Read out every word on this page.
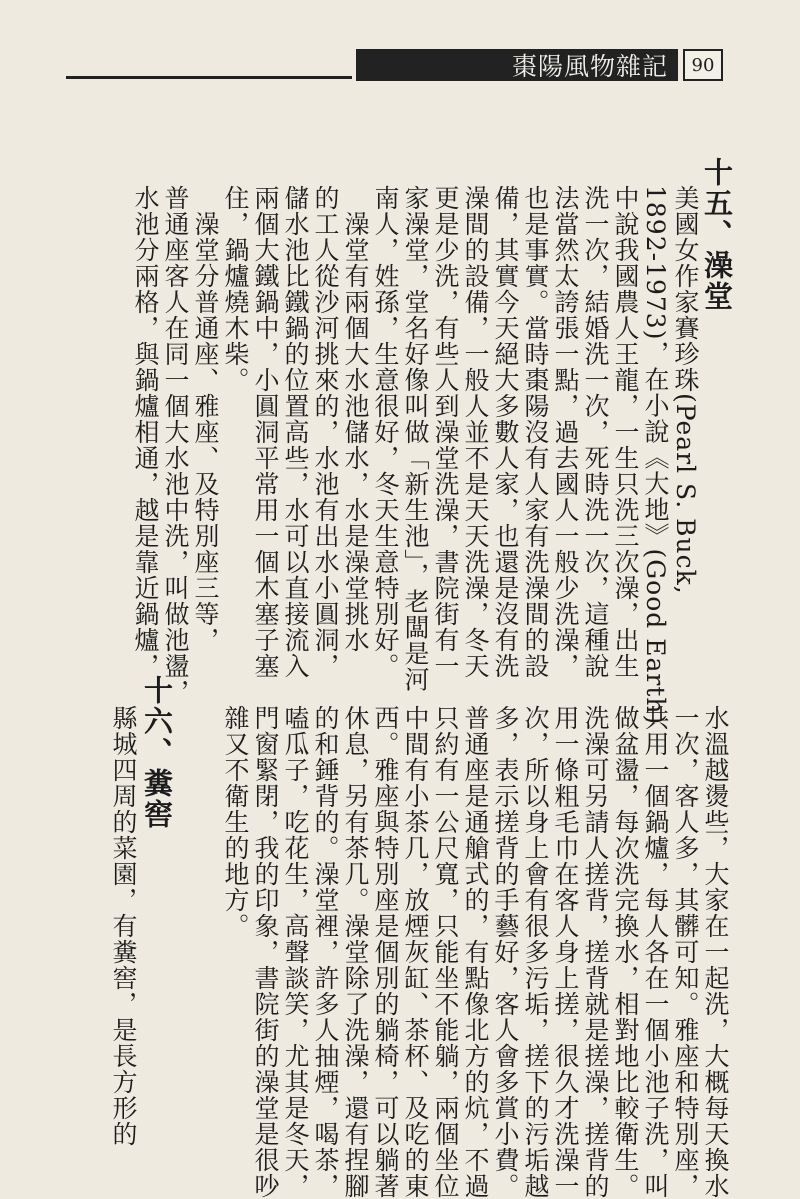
棗陽風物雜記	90
十五、澡堂
美國女作家賽珍珠(Pearl S. Buck,
1892-1973)，在小說《大地》(Good Earth)
中說我國農人王龍，一生只洗三次澡，出生
洗一次，結婚洗一次，死時洗一次，這種說
法當然太誇張一點，過去國人一般少洗澡，
也是事實。當時棗陽沒有人家有洗澡間的設
備，其實今天絕大多數人家，也還是沒有洗
澡間的設備，一般人並不是天天洗澡，冬天
更是少洗，有些人到澡堂洗澡，書院街有一
家澡堂，堂名好像叫做「新生池」，老闆是河
南人，姓孫，生意很好，冬天生意特別好。
　澡堂有兩個大水池儲水，水是澡堂挑水
的工人從沙河挑來的，水池有出水小圓洞，
儲水池比鐵鍋的位置高些，水可以直接流入
兩個大鐵鍋中，小圓洞平常用一個木塞子塞
住，鍋爐燒木柴。
　澡堂分普通座、雅座、及特別座三等，
普通座客人在同一個大水池中洗，叫做池盪，
水池分兩格，與鍋爐相通，越是靠近鍋爐，
水溫越燙些，大家在一起洗，大概每天換水
一次，客人多，其髒可知。雅座和特別座，
共用一個鍋爐，每人各在一個小池子洗，叫
做盆盪，每次洗完換水，相對地比較衛生。
洗澡可另請人搓背，搓背就是搓澡，搓背的
用一條粗毛巾在客人身上搓，很久才洗澡一
次，所以身上會有很多污垢，搓下的污垢越
多，表示搓背的手藝好，客人會多賞小費。
普通座是通艙式的，有點像北方的炕，不過
只約有一公尺寬，只能坐不能躺，兩個坐位
中間有小茶几，放煙灰缸、茶杯、及吃的東
西。雅座與特別座是個別的躺椅，可以躺著
休息，另有茶几。澡堂除了洗澡，還有捏腳
的和錘背的。澡堂裡，許多人抽煙，喝茶，
嗑瓜子，吃花生，高聲談笑，尤其是冬天，
門窗緊閉，我的印象，書院街的澡堂是很吵
雜又不衛生的地方。
十六、糞窖
縣城四周的菜園，有糞窖，是長方形的
